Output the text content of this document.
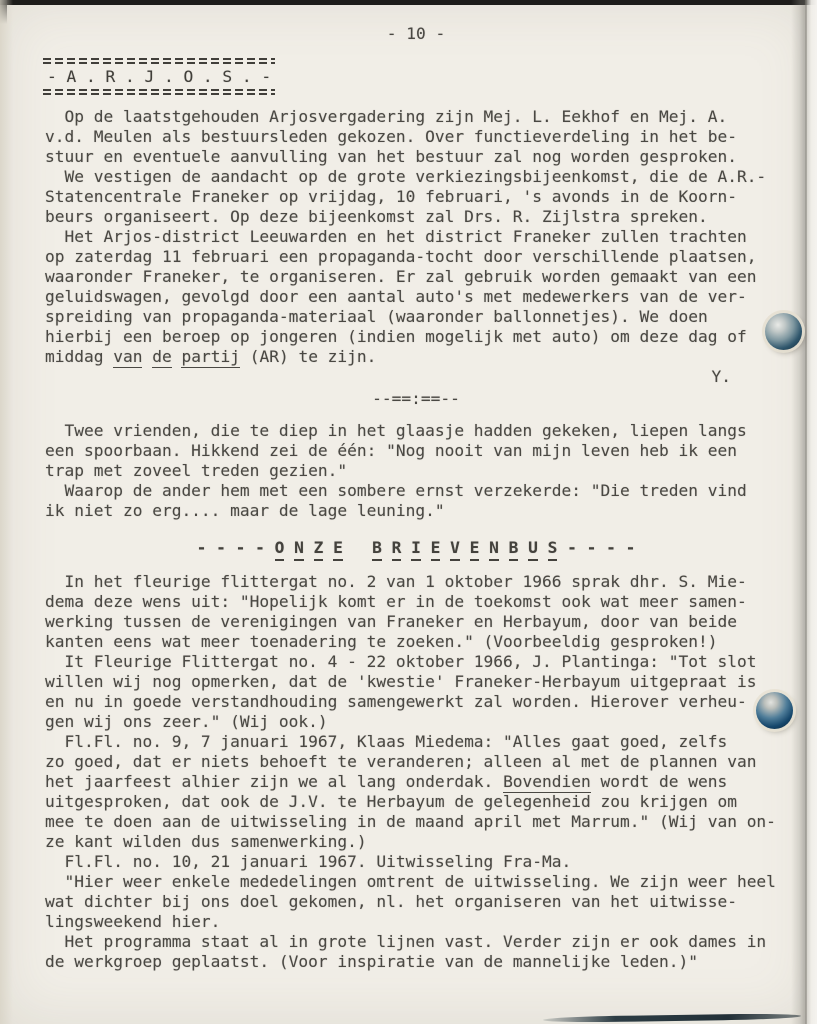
- 10 -
- A . R . J . O . S . -
Op de laatstgehouden Arjosvergadering zijn Mej. L. Eekhof en Mej. A.
v.d. Meulen als bestuursleden gekozen. Over functieverdeling in het be-
stuur en eventuele aanvulling van het bestuur zal nog worden gesproken.
We vestigen de aandacht op de grote verkiezingsbijeenkomst, die de A.R.-
Statencentrale Franeker op vrijdag, 10 februari, 's avonds in de Koorn-
beurs organiseert. Op deze bijeenkomst zal Drs. R. Zijlstra spreken.
Het Arjos-district Leeuwarden en het district Franeker zullen trachten
op zaterdag 11 februari een propaganda-tocht door verschillende plaatsen,
waaronder Franeker, te organiseren. Er zal gebruik worden gemaakt van een
geluidswagen, gevolgd door een aantal auto's met medewerkers van de ver-
spreiding van propaganda-materiaal (waaronder ballonnetjes). We doen
hierbij een beroep op jongeren (indien mogelijk met auto) om deze dag of
middag van de partij (AR) te zijn.
Y.
--==:==--
Twee vrienden, die te diep in het glaasje hadden gekeken, liepen langs
een spoorbaan. Hikkend zei de één: "Nog nooit van mijn leven heb ik een
trap met zoveel treden gezien."
Waarop de ander hem met een sombere ernst verzekerde: "Die treden vind
ik niet zo erg.... maar de lage leuning."
- - - - O N Z E B R I E V E N B U S - - - -
In het fleurige flittergat no. 2 van 1 oktober 1966 sprak dhr. S. Mie-
dema deze wens uit: "Hopelijk komt er in de toekomst ook wat meer samen-
werking tussen de verenigingen van Franeker en Herbayum, door van beide
kanten eens wat meer toenadering te zoeken." (Voorbeeldig gesproken!)
It Fleurige Flittergat no. 4 - 22 oktober 1966, J. Plantinga: "Tot slot
willen wij nog opmerken, dat de 'kwestie' Franeker-Herbayum uitgepraat is
en nu in goede verstandhouding samengewerkt zal worden. Hierover verheu-
gen wij ons zeer." (Wij ook.)
Fl.Fl. no. 9, 7 januari 1967, Klaas Miedema: "Alles gaat goed, zelfs
zo goed, dat er niets behoeft te veranderen; alleen al met de plannen van
het jaarfeest alhier zijn we al lang onderdak. Bovendien wordt de wens
uitgesproken, dat ook de J.V. te Herbayum de gelegenheid zou krijgen om
mee te doen aan de uitwisseling in de maand april met Marrum." (Wij van on-
ze kant wilden dus samenwerking.)
Fl.Fl. no. 10, 21 januari 1967. Uitwisseling Fra-Ma.
"Hier weer enkele mededelingen omtrent de uitwisseling. We zijn weer heel
wat dichter bij ons doel gekomen, nl. het organiseren van het uitwisse-
lingsweekend hier.
Het programma staat al in grote lijnen vast. Verder zijn er ook dames in
de werkgroep geplaatst. (Voor inspiratie van de mannelijke leden.)"
